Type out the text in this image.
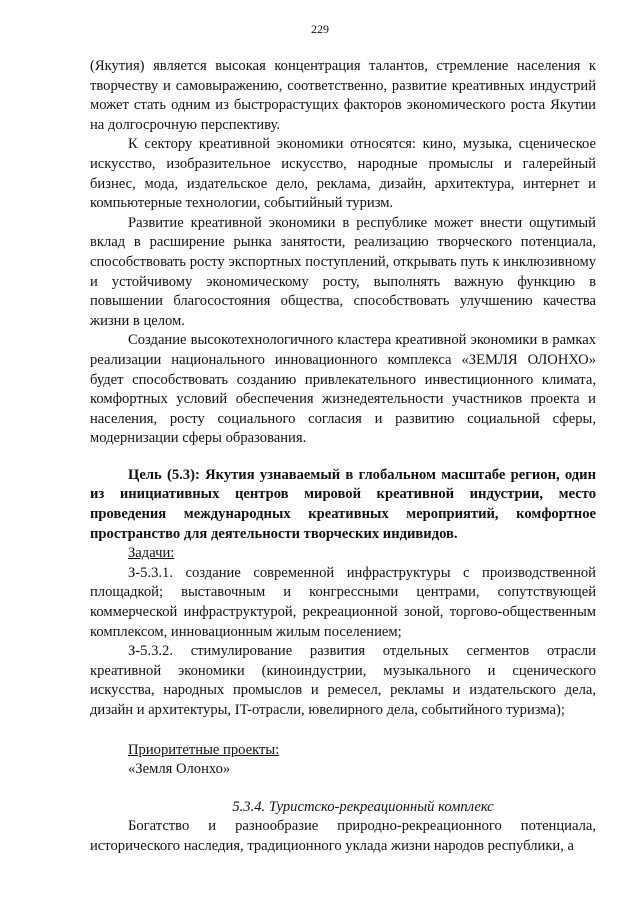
229

(Якутия) является высокая концентрация талантов, стремление населения к творчеству и самовыражению, соответственно, развитие креативных индустрий может стать одним из быстрорастущих факторов экономического роста Якутии на долгосрочную перспективу.

К сектору креативной экономики относятся: кино, музыка, сценическое искусство, изобразительное искусство, народные промыслы и галерейный бизнес, мода, издательское дело, реклама, дизайн, архитектура, интернет и компьютерные технологии, событийный туризм.

Развитие креативной экономики в республике может внести ощутимый вклад в расширение рынка занятости, реализацию творческого потенциала, способствовать росту экспортных поступлений, открывать путь к инклюзивному и устойчивому экономическому росту, выполнять важную функцию в повышении благосостояния общества, способствовать улучшению качества жизни в целом.

Создание высокотехнологичного кластера креативной экономики в рамках реализации национального инновационного комплекса «ЗЕМЛЯ ОЛОНХО» будет способствовать созданию привлекательного инвестиционного климата, комфортных условий обеспечения жизнедеятельности участников проекта и населения, росту социального согласия и развитию социальной сферы, модернизации сферы образования.

Цель (5.3): Якутия узнаваемый в глобальном масштабе регион, один из инициативных центров мировой креативной индустрии, место проведения международных креативных мероприятий, комфортное пространство для деятельности творческих индивидов.

Задачи:

З-5.3.1. создание современной инфраструктуры с производственной площадкой; выставочным и конгрессными центрами, сопутствующей коммерческой инфраструктурой, рекреационной зоной, торгово-общественным комплексом, инновационным жилым поселением;

З-5.3.2. стимулирование развития отдельных сегментов отрасли креативной экономики (киноиндустрии, музыкального и сценического искусства, народных промыслов и ремесел, рекламы и издательского дела, дизайн и архитектуры, IT-отрасли, ювелирного дела, событийного туризма);

Приоритетные проекты:

«Земля Олонхо»

5.3.4. Туристско-рекреационный комплекс

Богатство и разнообразие природно-рекреационного потенциала, исторического наследия, традиционного уклада жизни народов республики, а
